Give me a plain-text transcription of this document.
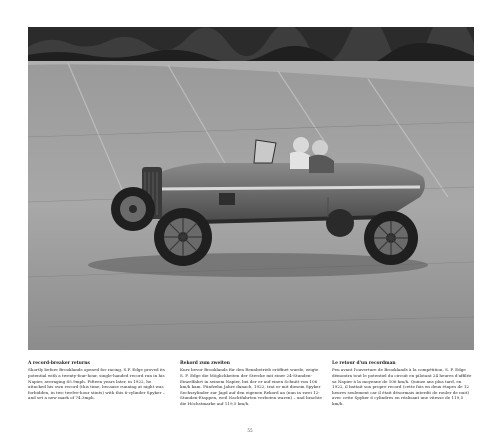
A record-breaker returns

Shortly before Brooklands opened for racing, S.F. Edge proved its potential with a twenty-four-hour, single-handed record run in his Napier, averaging 65.9mph. Fifteen years later, in 1922, he attacked his own record (this time, because running at night was forbidden, in two twelve-hour stints) with this 6-cylinder Spyker – and set a new mark of 74.3mph.

Rekord zum zweiten

Kurz bevor Brooklands für den Rennbetrieb eröffnet wurde, zeigte S. F. Edge die Möglichkeiten der Strecke mit einer 24-Stunden-Einzelfahrt in seinem Napier, bei der er auf einen Schnitt von 106 km/h kam. Fünfzehn Jahre danach, 1922, trat er mit diesem Spyker Sechszylinder zur Jagd auf den eigenen Rekord an (nun in zwei 12-Stunden-Etappen, weil Nachtfahrten verboten waren) – und brachte die Höchstmarke auf 119,5 km/h.

Le retour d'un recordman

Peu avant l'ouverture de Brooklands à la compétition, S. F. Edge démontra tout le potentiel du circuit en pilotant 24 heures d'affilée sa Napier à la moyenne de 106 km/h. Quinze ans plus tard, en 1922, il battait son propre record (cette fois en deux étapes de 12 heures seulement car il était désormais interdit de rouler de nuit) avec cette Spyker 6 cylindres en réalisant une vitesse de 119,5 km/h.

55
